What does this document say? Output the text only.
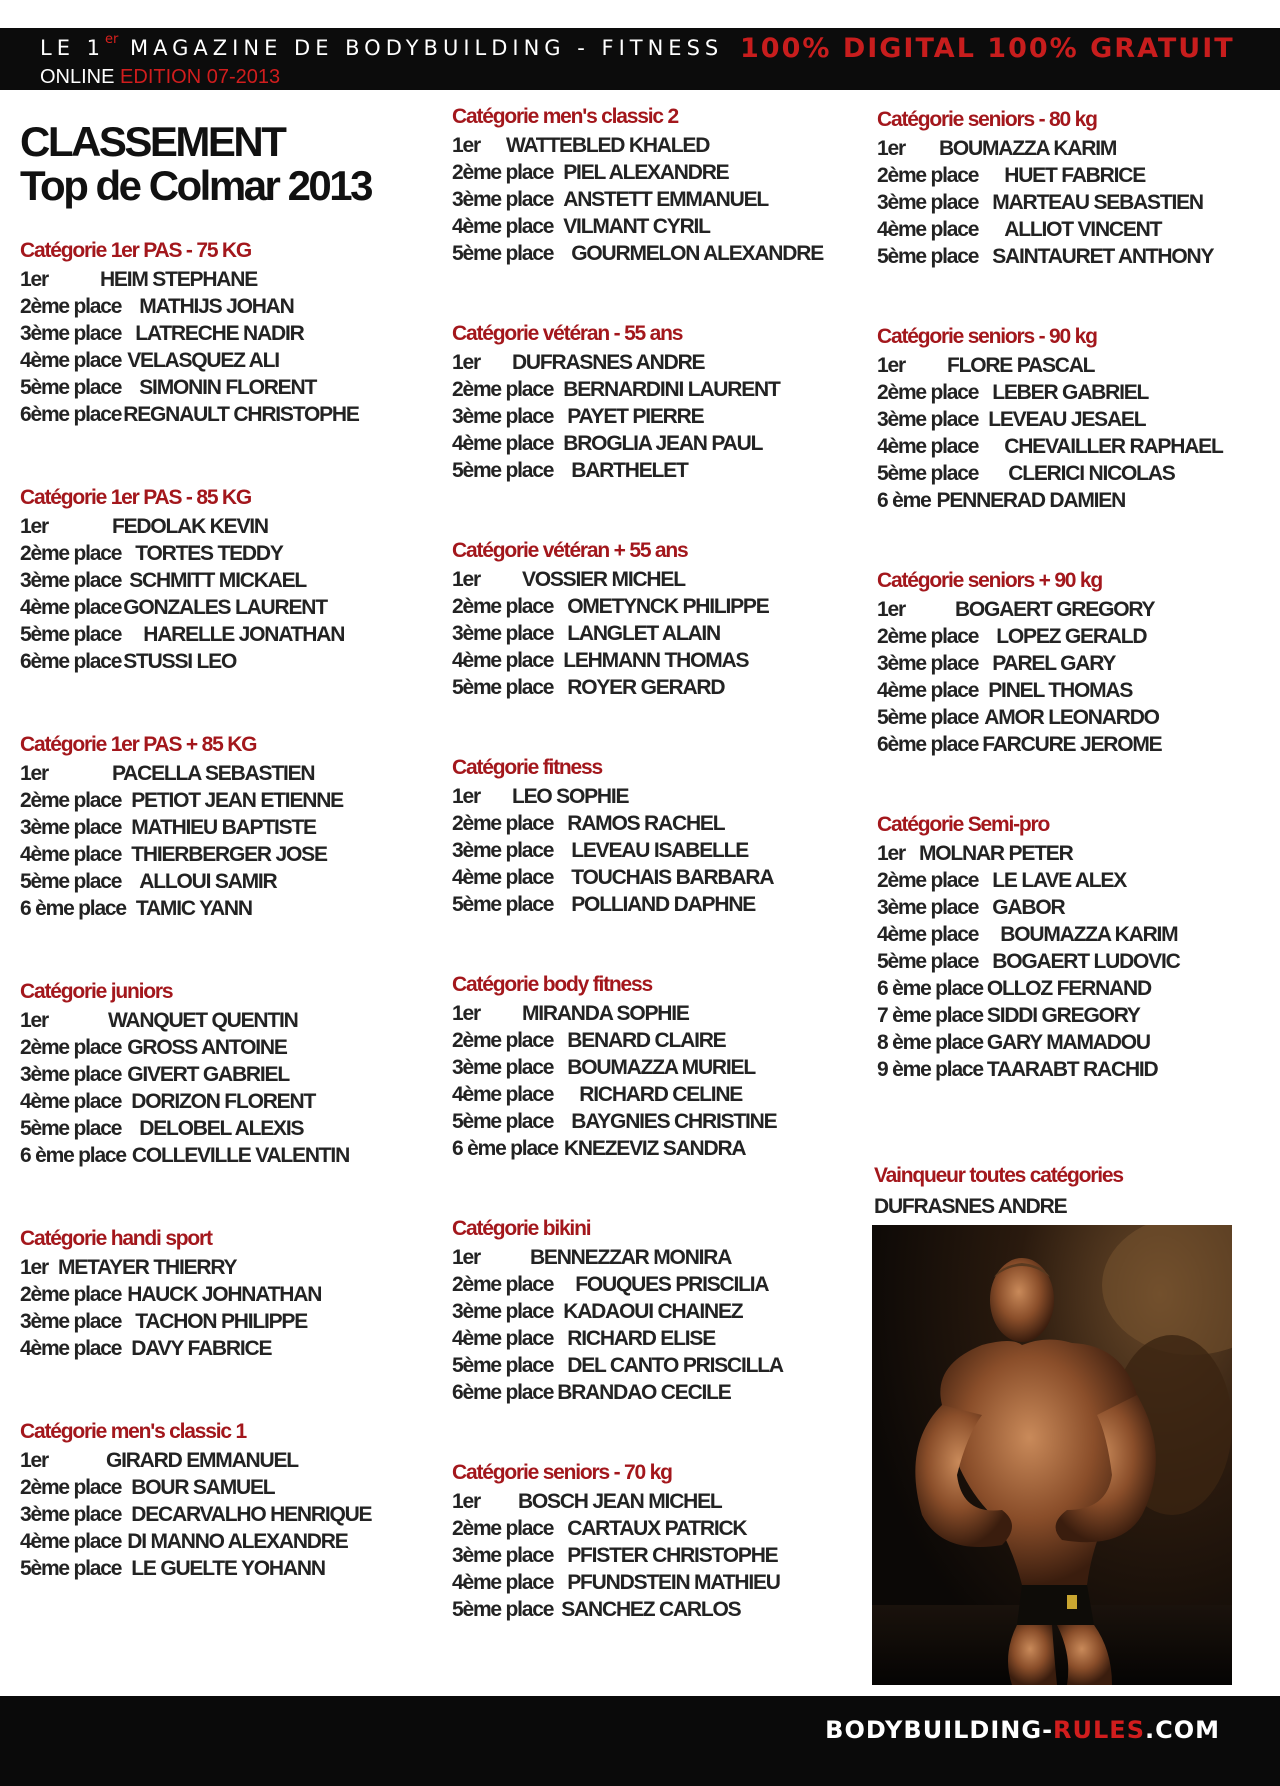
LE 1er MAGAZINE DE BODYBUILDING - FITNESS 100% DIGITAL 100% GRATUIT
ONLINE EDITION 07-2013
CLASSEMENT
Top de Colmar 2013
Catégorie 1er PAS - 75 KG
1er HEIM STEPHANE
2ème place MATHIJS JOHAN
3ème place LATRECHE NADIR
4ème place VELASQUEZ ALI
5ème place SIMONIN FLORENT
6ème place REGNAULT CHRISTOPHE
Catégorie 1er PAS - 85 KG
1er	FEDOLAK KEVIN
2ème place TORTES TEDDY
3ème place SCHMITT MICKAEL
4ème place GONZALES LAURENT
5ème place HARELLE JONATHAN
6ème place STUSSI LEO
Catégorie 1er PAS + 85 KG
1er	PACELLA SEBASTIEN
2ème place PETIOT JEAN ETIENNE
3ème place MATHIEU BAPTISTE
4ème place THIERBERGER JOSE
5ème place ALLOUI SAMIR
6 ème place TAMIC YANN
Catégorie juniors
1er	WANQUET QUENTIN
2ème place GROSS ANTOINE
3ème place GIVERT GABRIEL
4ème place DORIZON FLORENT
5ème place DELOBEL ALEXIS
6 ème place COLLEVILLE VALENTIN
Catégorie handi sport
1er METAYER THIERRY
2ème place HAUCK JOHNATHAN
3ème place TACHON PHILIPPE
4ème place DAVY FABRICE
Catégorie men's classic 1
1er	GIRARD EMMANUEL
2ème place BOUR SAMUEL
3ème place DECARVALHO HENRIQUE
4ème place DI MANNO ALEXANDRE
5ème place LE GUELTE YOHANN
Catégorie men's classic 2
1er WATTEBLED KHALED
2ème place PIEL ALEXANDRE
3ème place ANSTETT EMMANUEL
4ème place VILMANT CYRIL
5ème place GOURMELON ALEXANDRE
Catégorie vétéran - 55 ans
1er DUFRASNES ANDRE
2ème place BERNARDINI LAURENT
3ème place PAYET PIERRE
4ème place BROGLIA JEAN PAUL
5ème place BARTHELET
Catégorie vétéran + 55 ans
1er VOSSIER MICHEL
2ème place OMETYNCK PHILIPPE
3ème place LANGLET ALAIN
4ème place LEHMANN THOMAS
5ème place ROYER GERARD
Catégorie fitness
1er LEO SOPHIE
2ème place RAMOS RACHEL
3ème place LEVEAU ISABELLE
4ème place TOUCHAIS BARBARA
5ème place POLLIAND DAPHNE
Catégorie body fitness
1er MIRANDA SOPHIE
2ème place BENARD CLAIRE
3ème place BOUMAZZA MURIEL
4ème place RICHARD CELINE
5ème place BAYGNIES CHRISTINE
6 ème place KNEZEVIZ SANDRA
Catégorie bikini
1er BENNEZZAR MONIRA
2ème place FOUQUES PRISCILIA
3ème place KADAOUI CHAINEZ
4ème place RICHARD ELISE
5ème place DEL CANTO PRISCILLA
6ème place BRANDAO CECILE
Catégorie seniors - 70 kg
1er BOSCH JEAN MICHEL
2ème place CARTAUX PATRICK
3ème place PFISTER CHRISTOPHE
4ème place PFUNDSTEIN MATHIEU
5ème place SANCHEZ CARLOS
Catégorie seniors - 80 kg
1er BOUMAZZA KARIM
2ème place HUET FABRICE
3ème place MARTEAU SEBASTIEN
4ème place ALLIOT VINCENT
5ème place SAINTAURET ANTHONY
Catégorie seniors - 90 kg
1er FLORE PASCAL
2ème place LEBER GABRIEL
3ème place LEVEAU JESAEL
4ème place CHEVAILLER RAPHAEL
5ème place CLERICI NICOLAS
6 ème PENNERAD DAMIEN
Catégorie seniors + 90 kg
1er BOGAERT GREGORY
2ème place LOPEZ GERALD
3ème place PAREL GARY
4ème place PINEL THOMAS
5ème place AMOR LEONARDO
6ème place FARCURE JEROME
Catégorie Semi-pro
1er MOLNAR PETER
2ème place LE LAVE ALEX
3ème place GABOR
4ème place BOUMAZZA KARIM
5ème place BOGAERT LUDOVIC
6 ème place OLLOZ FERNAND
7 ème place SIDDI GREGORY
8 ème place GARY MAMADOU
9 ème place TAARABT RACHID
Vainqueur toutes catégories
DUFRASNES ANDRE
BODYBUILDING-RULES.COM
